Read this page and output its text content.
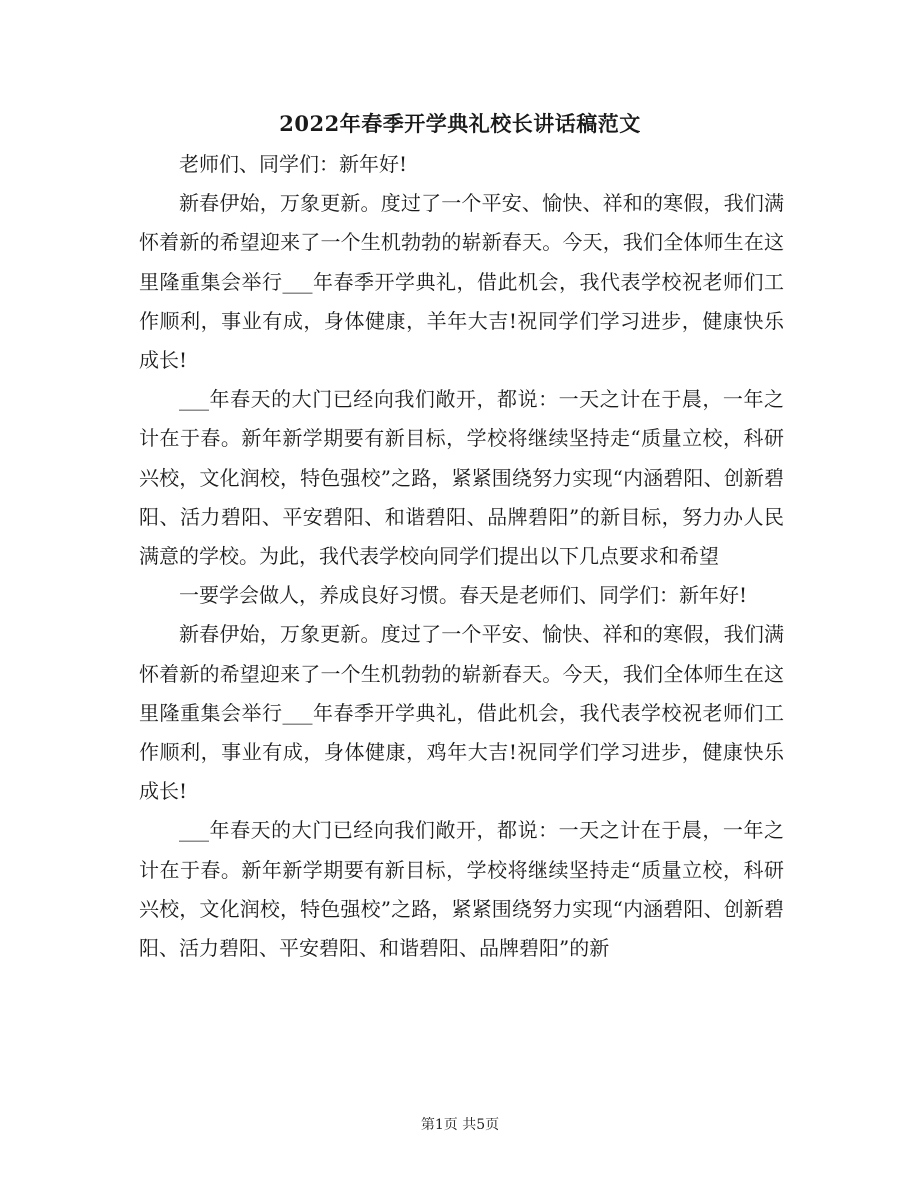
2022年春季开学典礼校长讲话稿范文

老师们、同学们：新年好!

新春伊始，万象更新。度过了一个平安、愉快、祥和的寒假，我们满怀着新的希望迎来了一个生机勃勃的崭新春天。今天，我们全体师生在这里隆重集会举行___年春季开学典礼，借此机会，我代表学校祝老师们工作顺利，事业有成，身体健康，羊年大吉!祝同学们学习进步，健康快乐成长!

___年春天的大门已经向我们敞开，都说：一天之计在于晨，一年之计在于春。新年新学期要有新目标，学校将继续坚持走“质量立校，科研兴校，文化润校，特色强校”之路，紧紧围绕努力实现“内涵碧阳、创新碧阳、活力碧阳、平安碧阳、和谐碧阳、品牌碧阳”的新目标，努力办人民满意的学校。为此，我代表学校向同学们提出以下几点要求和希望

一要学会做人，养成良好习惯。春天是老师们、同学们：新年好!

新春伊始，万象更新。度过了一个平安、愉快、祥和的寒假，我们满怀着新的希望迎来了一个生机勃勃的崭新春天。今天，我们全体师生在这里隆重集会举行___年春季开学典礼，借此机会，我代表学校祝老师们工作顺利，事业有成，身体健康，鸡年大吉!祝同学们学习进步，健康快乐成长!

___年春天的大门已经向我们敞开，都说：一天之计在于晨，一年之计在于春。新年新学期要有新目标，学校将继续坚持走“质量立校，科研兴校，文化润校，特色强校”之路，紧紧围绕努力实现“内涵碧阳、创新碧阳、活力碧阳、平安碧阳、和谐碧阳、品牌碧阳”的新

第1页 共5页
